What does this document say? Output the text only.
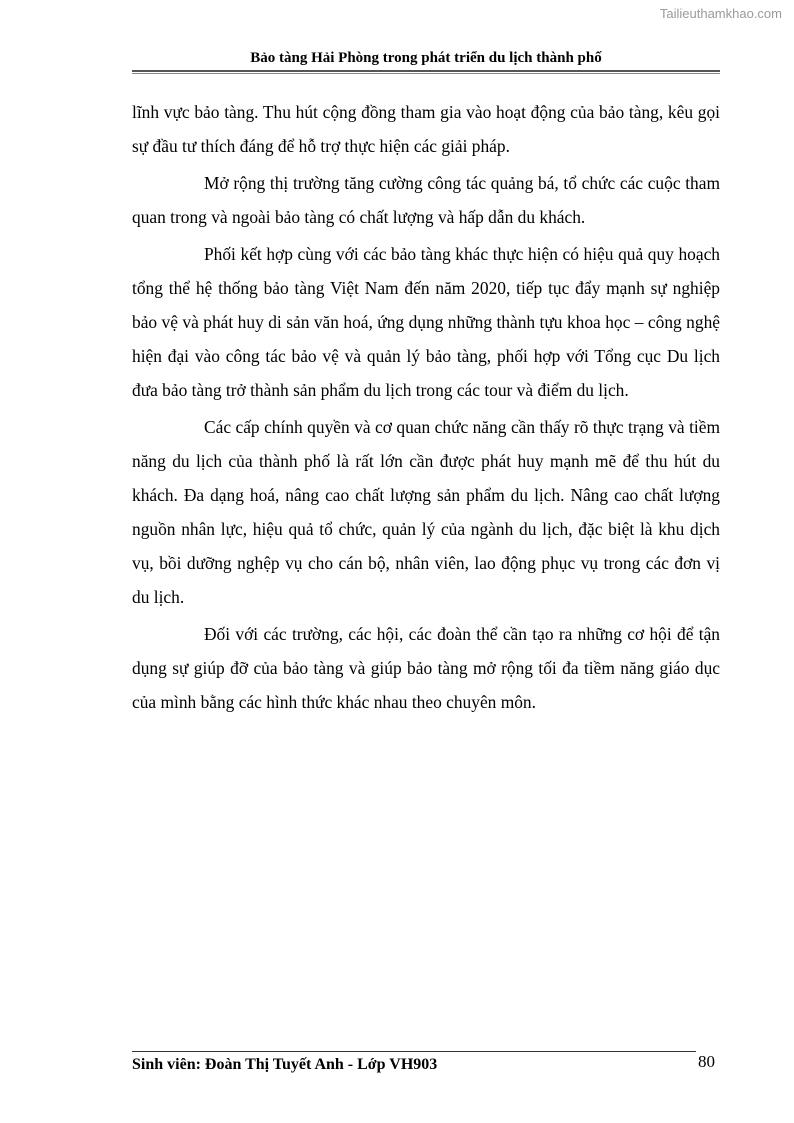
Tailieuthamkhao.com
Bảo tàng Hải Phòng trong phát triển du lịch thành phố

lĩnh vực bảo tàng. Thu hút cộng đồng tham gia vào hoạt động của bảo tàng, kêu gọi sự đầu tư thích đáng để hỗ trợ thực hiện các giải pháp.

Mở rộng thị trường tăng cường công tác quảng bá, tổ chức các cuộc tham quan trong và ngoài bảo tàng có chất lượng và hấp dẫn du khách.

Phối kết hợp cùng với các bảo tàng khác thực hiện có hiệu quả quy hoạch tổng thể hệ thống bảo tàng Việt Nam đến năm 2020, tiếp tục đẩy mạnh sự nghiệp bảo vệ và phát huy di sản văn hoá, ứng dụng những thành tựu khoa học – công nghệ hiện đại vào công tác bảo vệ và quản lý bảo tàng, phối hợp với Tổng cục Du lịch đưa bảo tàng trở thành sản phẩm du lịch trong các tour và điểm du lịch.

Các cấp chính quyền và cơ quan chức năng cần thấy rõ thực trạng và tiềm năng du lịch của thành phố là rất lớn cần được phát huy mạnh mẽ để thu hút du khách. Đa dạng hoá, nâng cao chất lượng sản phẩm du lịch. Nâng cao chất lượng nguồn nhân lực, hiệu quả tổ chức, quản lý của ngành du lịch, đặc biệt là khu dịch vụ, bồi dưỡng nghệp vụ cho cán bộ, nhân viên, lao động phục vụ trong các đơn vị du lịch.

Đối với các trường, các hội, các đoàn thể cần tạo ra những cơ hội để tận dụng sự giúp đỡ của bảo tàng và giúp bảo tàng mở rộng tối đa tiềm năng giáo dục của mình bằng các hình thức khác nhau theo chuyên môn.

Sinh viên: Đoàn Thị Tuyết Anh - Lớp VH903	80
